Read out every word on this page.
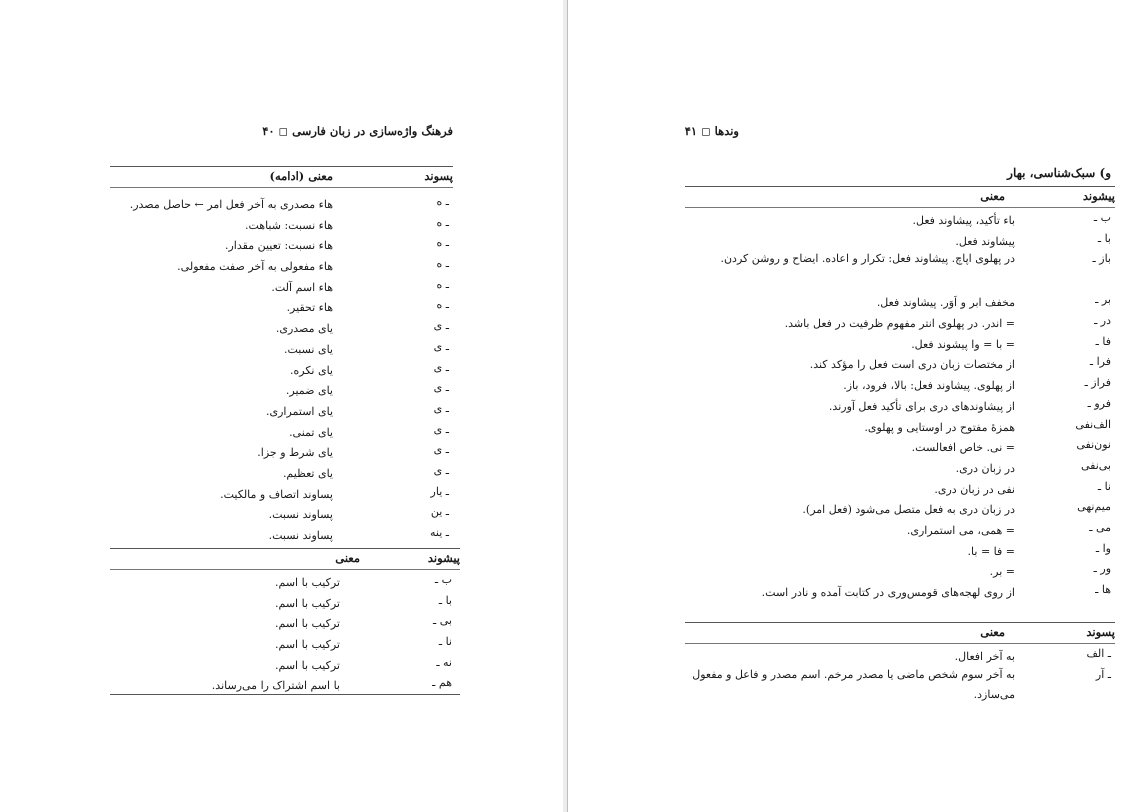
۴۰ ◻ فرهنگ واژه‌سازی در زبان فارسی
پسوند
معنی (ادامه)
ـ ه
هاء مصدری به آخر فعل امر ← حاصل مصدر.
ـ ه
هاء نسبت: شباهت.
ـ ه
هاء نسبت: تعیین مقدار.
ـ ه
هاء مفعولی به آخر صفت مفعولی.
ـ ه
هاء اسم آلت.
ـ ه
هاء تحقیر.
ـ ی
یای مصدری.
ـ ی
یای نسبت.
ـ ی
یای نکره.
ـ ی
یای ضمیر.
ـ ی
یای استمراری.
ـ ی
یای تمنی.
ـ ی
یای شرط و جزا.
ـ ی
یای تعظیم.
ـ یار
پساوند اتصاف و مالکیت.
ـ ین
پساوند نسبت.
ـ ینه
پساوند نسبت.
پیشوند
معنی
ب ـ
ترکیب با اسم.
با ـ
ترکیب با اسم.
بی ـ
ترکیب با اسم.
نا ـ
ترکیب با اسم.
نه ـ
ترکیب با اسم.
هم ـ
با اسم اشتراک را می‌رساند.
وندها ◻ ۴۱
و) سبک‌شناسی، بهار
پیشوند
معنی
ب ـ
باء تأکید، پیشاوند فعل.
با ـ
پیشاوند فعل.
باز ـ
در پهلوی اپاچ. پیشاوند فعل: تکرار و اعاده. ایضاح و روشن کردن.
بر ـ
مخفف ابر و اَوَر. پیشاوند فعل.
در ـ
= اندر. در پهلوی انتر مفهوم ظرفیت در فعل باشد.
فا ـ
= با = وا پیشوند فعل.
فرا ـ
از مختصات زبان دری است فعل را مؤکد کند.
فراز ـ
از پهلوی. پیشاوند فعل: بالا، فرود، باز.
فرو ـ
از پیشاوندهای دری برای تأکید فعل آورند.
الف‌نفی
همزهٔ مفتوح در اوستایی و پهلوی.
نون‌نفی
= نی. خاص افعالست.
بی‌نفی
در زبان دری.
نا ـ
نفی در زبان دری.
میم‌نهی
در زبان دری به فعل متصل می‌شود (فعل امر).
می ـ
= همی، می استمراری.
وا ـ
= فا = با.
ور ـ
= بر.
ها ـ
از روی لهجه‌های قومس‌وری در کتابت آمده و نادر است.
پسوند
معنی
ـ الف
به آخر افعال.
ـ آر
به آخر سوم شخص ماضی یا مصدر مرخم. اسم مصدر و فاعل و مفعول می‌سازد.
